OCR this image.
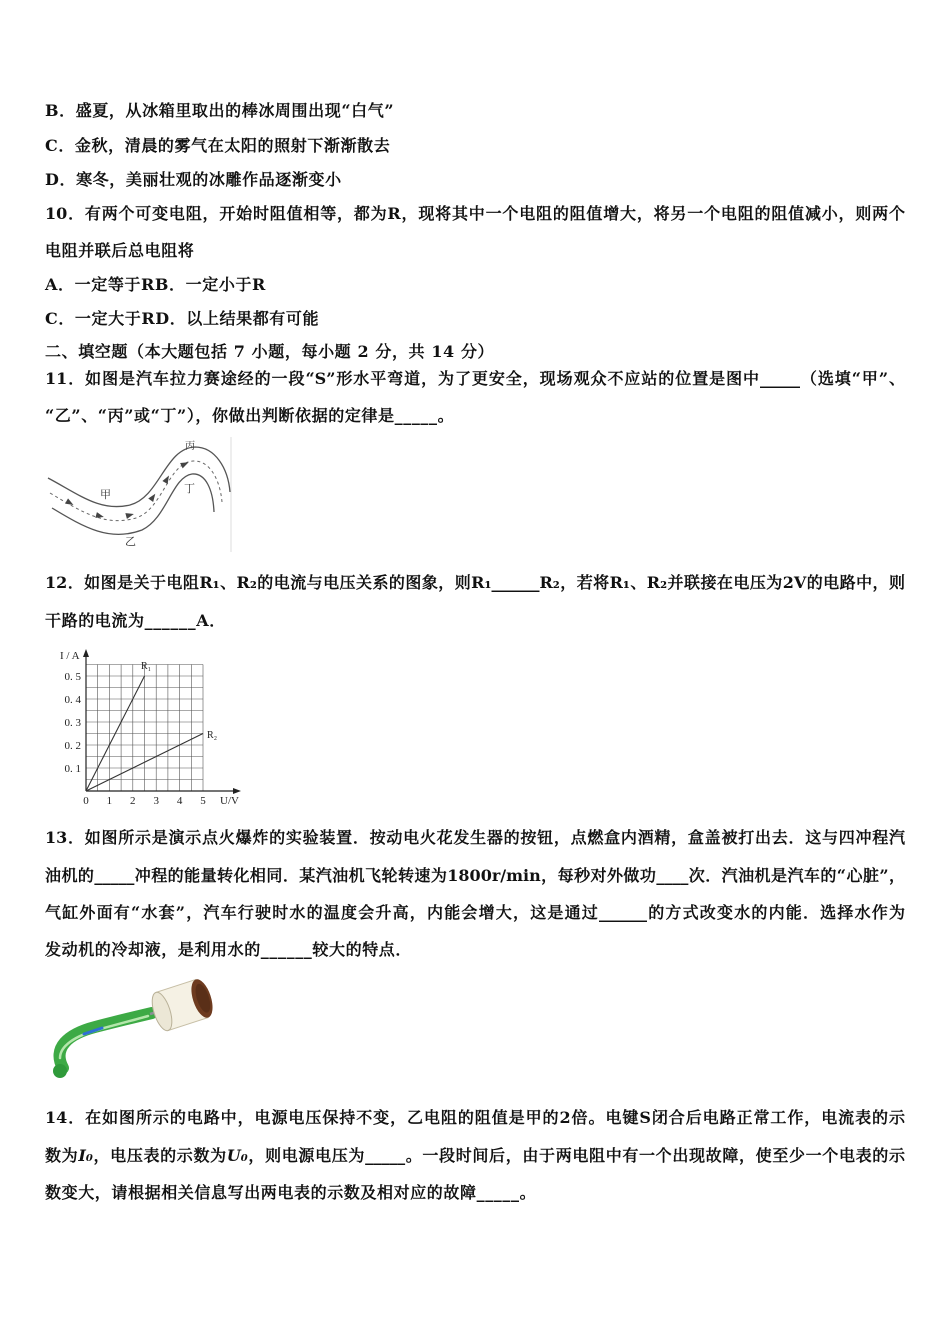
B．盛夏，从冰箱里取出的棒冰周围出现“白气”
C．金秋，清晨的雾气在太阳的照射下渐渐散去
D．寒冬，美丽壮观的冰雕作品逐渐变小
10．有两个可变电阻，开始时阻值相等，都为R，现将其中一个电阻的阻值增大，将另一个电阻的阻值减小，则两个
电阻并联后总电阻将
A．一定等于RB．一定小于R
C．一定大于RD．以上结果都有可能
二、填空题（本大题包括 7 小题，每小题 2 分，共 14 分）
11．如图是汽车拉力赛途经的一段“S”形水平弯道，为了更安全，现场观众不应站的位置是图中_____（选填“甲”、
“乙”、“丙”或“丁”），你做出判断依据的定律是_____。
甲
丙
丁
乙
12．如图是关于电阻R₁、R₂的电流与电压关系的图象，则R₁______R₂，若将R₁、R₂并联接在电压为2V的电路中，则
干路的电流为______A．
0 1 2 3 4 5
0. 1
0. 2
0. 3
0. 4
0. 5
I / A
U/V
R₁
R₂
13．如图所示是演示点火爆炸的实验装置．按动电火花发生器的按钮，点燃盒内酒精，盒盖被打出去．这与四冲程汽
油机的_____冲程的能量转化相同．某汽油机飞轮转速为1800r/min，每秒对外做功____次．汽油机是汽车的“心脏”，
气缸外面有“水套”，汽车行驶时水的温度会升高，内能会增大，这是通过______的方式改变水的内能．选择水作为
发动机的冷却液，是利用水的______较大的特点．
14．在如图所示的电路中，电源电压保持不变，乙电阻的阻值是甲的2倍。电键S闭合后电路正常工作，电流表的示
数为I₀，电压表的示数为U₀，则电源电压为_____。一段时间后，由于两电阻中有一个出现故障，使至少一个电表的示
数变大，请根据相关信息写出两电表的示数及相对应的故障_____。
